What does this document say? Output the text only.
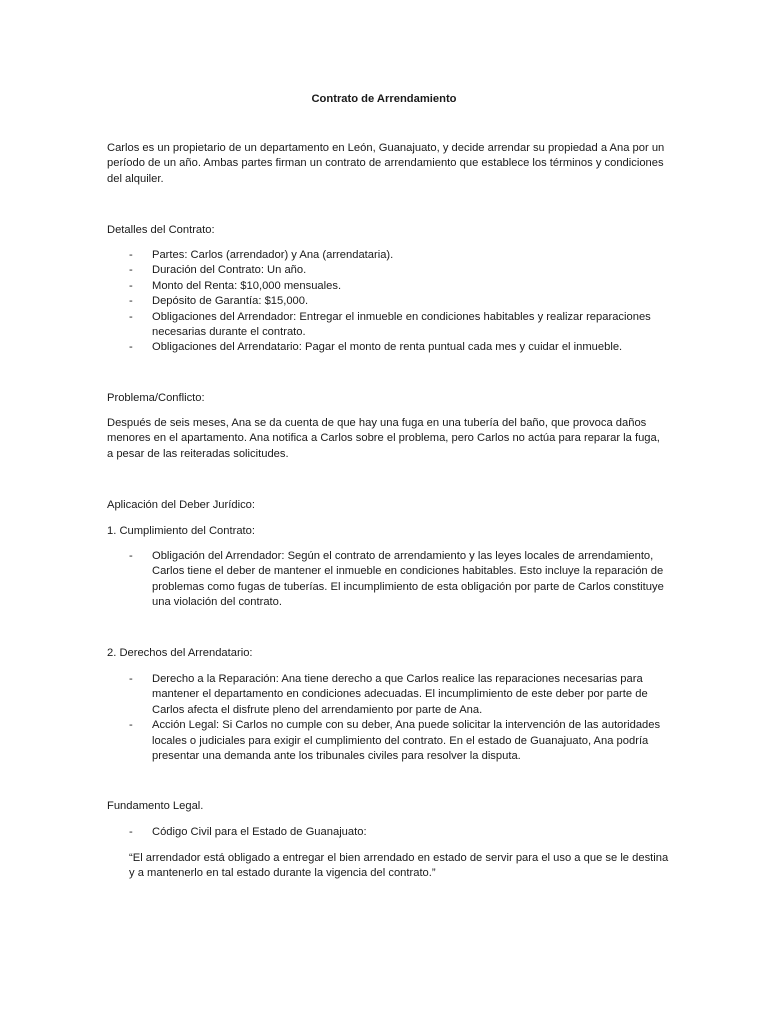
Contrato de Arrendamiento

Carlos es un propietario de un departamento en León, Guanajuato, y decide arrendar su propiedad a Ana por un período de un año. Ambas partes firman un contrato de arrendamiento que establece los términos y condiciones del alquiler.

Detalles del Contrato:

- Partes: Carlos (arrendador) y Ana (arrendataria).
- Duración del Contrato: Un año.
- Monto del Renta: $10,000 mensuales.
- Depósito de Garantía: $15,000.
- Obligaciones del Arrendador: Entregar el inmueble en condiciones habitables y realizar reparaciones necesarias durante el contrato.
- Obligaciones del Arrendatario: Pagar el monto de renta puntual cada mes y cuidar el inmueble.

Problema/Conflicto:

Después de seis meses, Ana se da cuenta de que hay una fuga en una tubería del baño, que provoca daños menores en el apartamento. Ana notifica a Carlos sobre el problema, pero Carlos no actúa para reparar la fuga, a pesar de las reiteradas solicitudes.

Aplicación del Deber Jurídico:

1. Cumplimiento del Contrato:

- Obligación del Arrendador: Según el contrato de arrendamiento y las leyes locales de arrendamiento, Carlos tiene el deber de mantener el inmueble en condiciones habitables. Esto incluye la reparación de problemas como fugas de tuberías. El incumplimiento de esta obligación por parte de Carlos constituye una violación del contrato.

2. Derechos del Arrendatario:

- Derecho a la Reparación: Ana tiene derecho a que Carlos realice las reparaciones necesarias para mantener el departamento en condiciones adecuadas. El incumplimiento de este deber por parte de Carlos afecta el disfrute pleno del arrendamiento por parte de Ana.
- Acción Legal: Si Carlos no cumple con su deber, Ana puede solicitar la intervención de las autoridades locales o judiciales para exigir el cumplimiento del contrato. En el estado de Guanajuato, Ana podría presentar una demanda ante los tribunales civiles para resolver la disputa.

Fundamento Legal.

- Código Civil para el Estado de Guanajuato:

“El arrendador está obligado a entregar el bien arrendado en estado de servir para el uso a que se le destina y a mantenerlo en tal estado durante la vigencia del contrato.”
